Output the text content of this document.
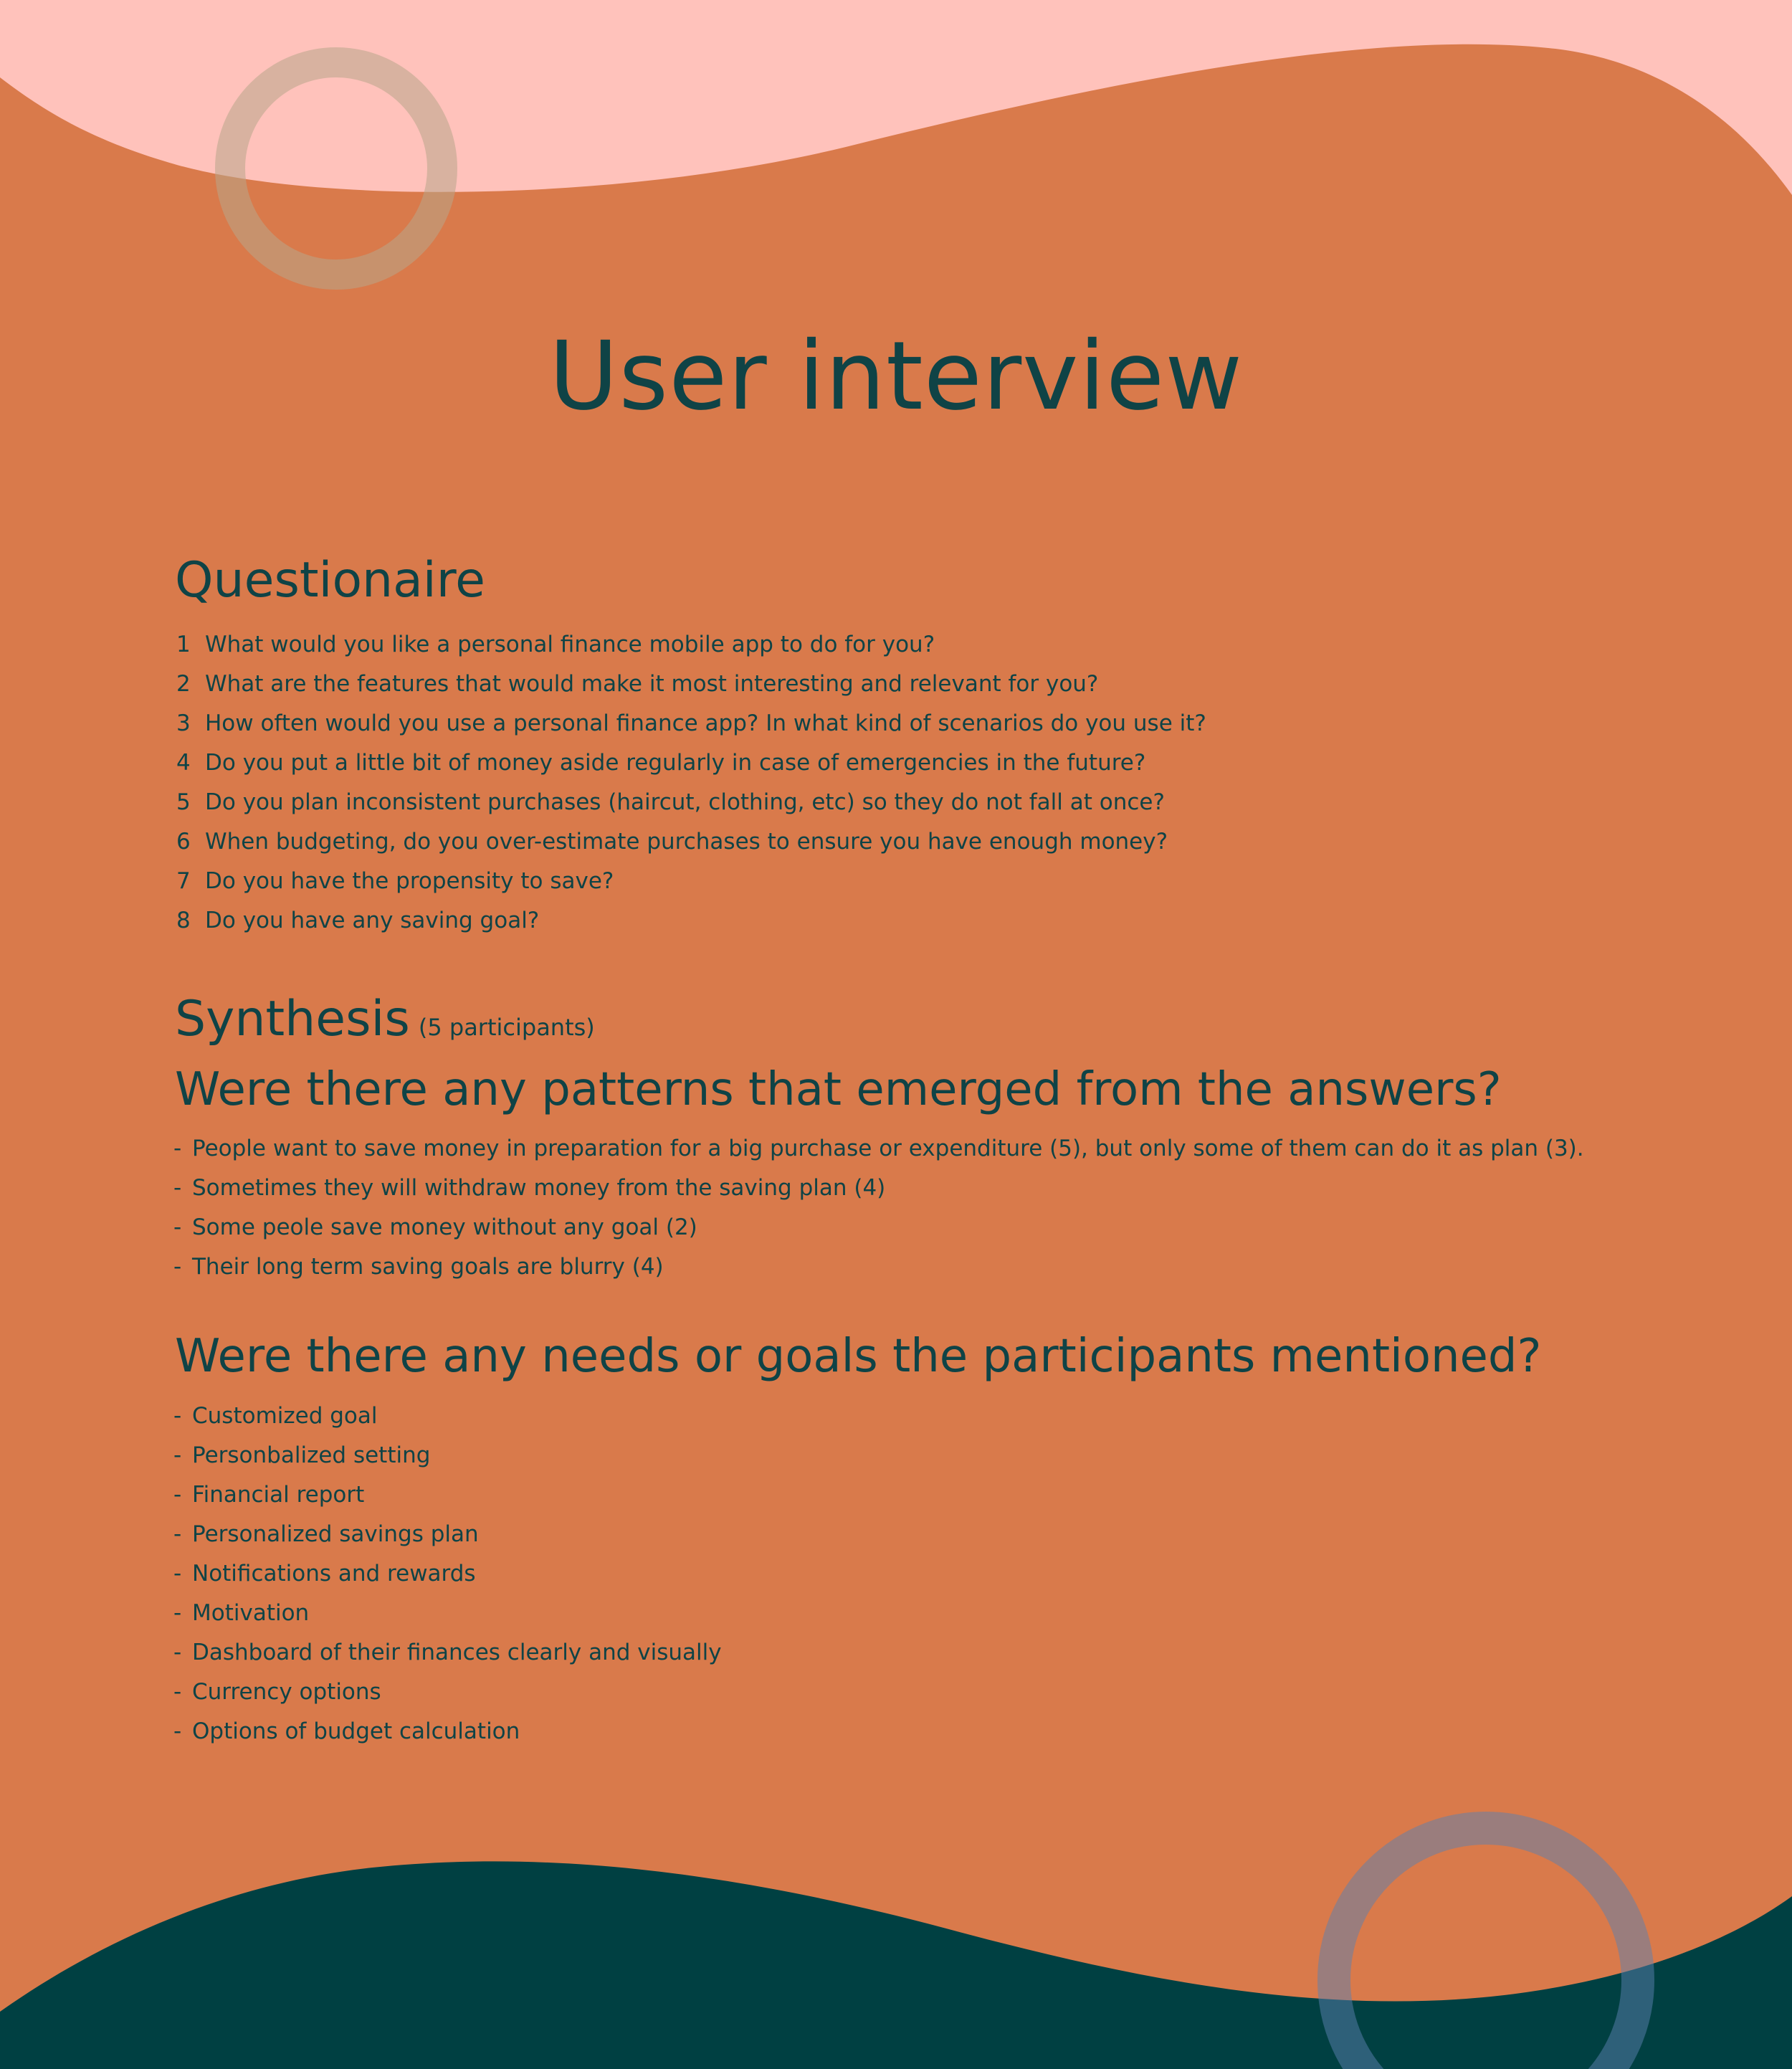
User interview
Questionaire
1 What would you like a personal finance mobile app to do for you?
2 What are the features that would make it most interesting and relevant for you?
3 How often would you use a personal finance app? In what kind of scenarios do you use it?
4 Do you put a little bit of money aside regularly in case of emergencies in the future?
5 Do you plan inconsistent purchases (haircut, clothing, etc) so they do not fall at once?
6 When budgeting, do you over-estimate purchases to ensure you have enough money?
7 Do you have the propensity to save?
8 Do you have any saving goal?
Synthesis (5 participants)
Were there any patterns that emerged from the answers?
- People want to save money in preparation for a big purchase or expenditure (5), but only some of them can do it as plan (3).
- Sometimes they will withdraw money from the saving plan (4)
- Some peole save money without any goal (2)
- Their long term saving goals are blurry (4)
Were there any needs or goals the participants mentioned?
- Customized goal
- Personbalized setting
- Financial report
- Personalized savings plan
- Notifications and rewards
- Motivation
- Dashboard of their finances clearly and visually
- Currency options
- Options of budget calculation
